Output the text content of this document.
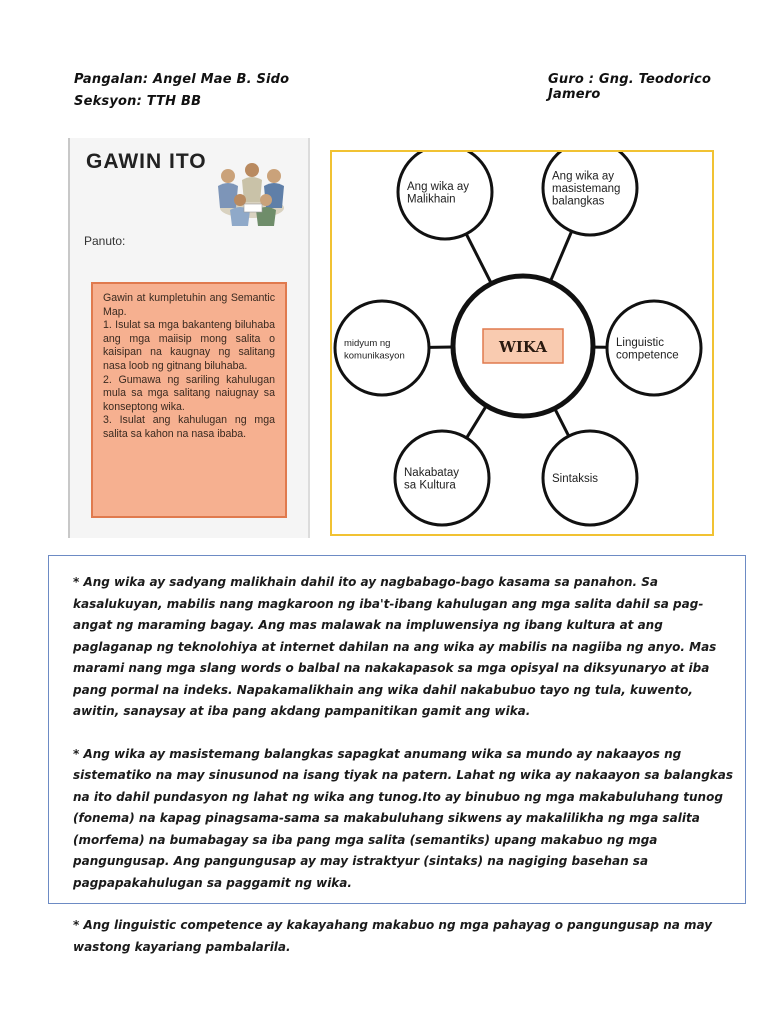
Pangalan: Angel Mae B. Sido
Seksyon: TTH BB
Guro : Gng. Teodorico Jamero
GAWIN ITO
Panuto:

Gawin at kumpletuhin ang Semantic Map.

1. Isulat sa mga bakanteng biluhaba ang mga maiisip mong salita o kaisipan na kaugnay ng salitang nasa loob ng gitnang biluhaba.

2. Gumawa ng sariling kahulugan mula sa mga salitang naiugnay sa konseptong wika.

3. Isulat ang kahulugan ng mga salita sa kahon na nasa ibaba.

WIKA
Ang wika ay
Malikhain
Ang wika ay
masistemang
balangkas
Linguistic
competence
Sintaksis
Nakabatay
sa Kultura
midyum ng
komunikasyon

* Ang wika ay sadyang malikhain dahil ito ay nagbabago-bago kasama sa panahon. Sa kasalukuyan, mabilis nang magkaroon ng iba't-ibang kahulugan ang mga salita dahil sa pag-angat ng maraming bagay. Ang mas malawak na impluwensiya ng ibang kultura at ang paglaganap ng teknolohiya at internet dahilan na ang wika ay mabilis na nagiiba ng anyo. Mas marami nang mga slang words o balbal na nakakapasok sa mga opisyal na diksyunaryo at iba pang pormal na indeks. Napakamalikhain ang wika dahil nakabubuo tayo ng tula, kuwento, awitin, sanaysay at iba pang akdang pampanitikan gamit ang wika.

* Ang wika ay masistemang balangkas sapagkat anumang wika sa mundo ay nakaayos ng sistematiko na may sinusunod na isang tiyak na patern. Lahat ng wika ay nakaayon sa balangkas na ito dahil pundasyon ng lahat ng wika ang tunog.Ito ay binubuo ng mga makabuluhang tunog (fonema) na kapag pinagsama-sama sa makabuluhang sikwens ay makalilikha ng mga salita (morfema) na bumabagay sa iba pang mga salita (semantiks) upang makabuo ng mga pangungusap. Ang pangungusap ay may istraktyur (sintaks) na nagiging basehan sa pagpapakahulugan sa paggamit ng wika.

* Ang linguistic competence ay kakayahang makabuo ng mga pahayag o pangungusap na may wastong kayariang pambalarila.
